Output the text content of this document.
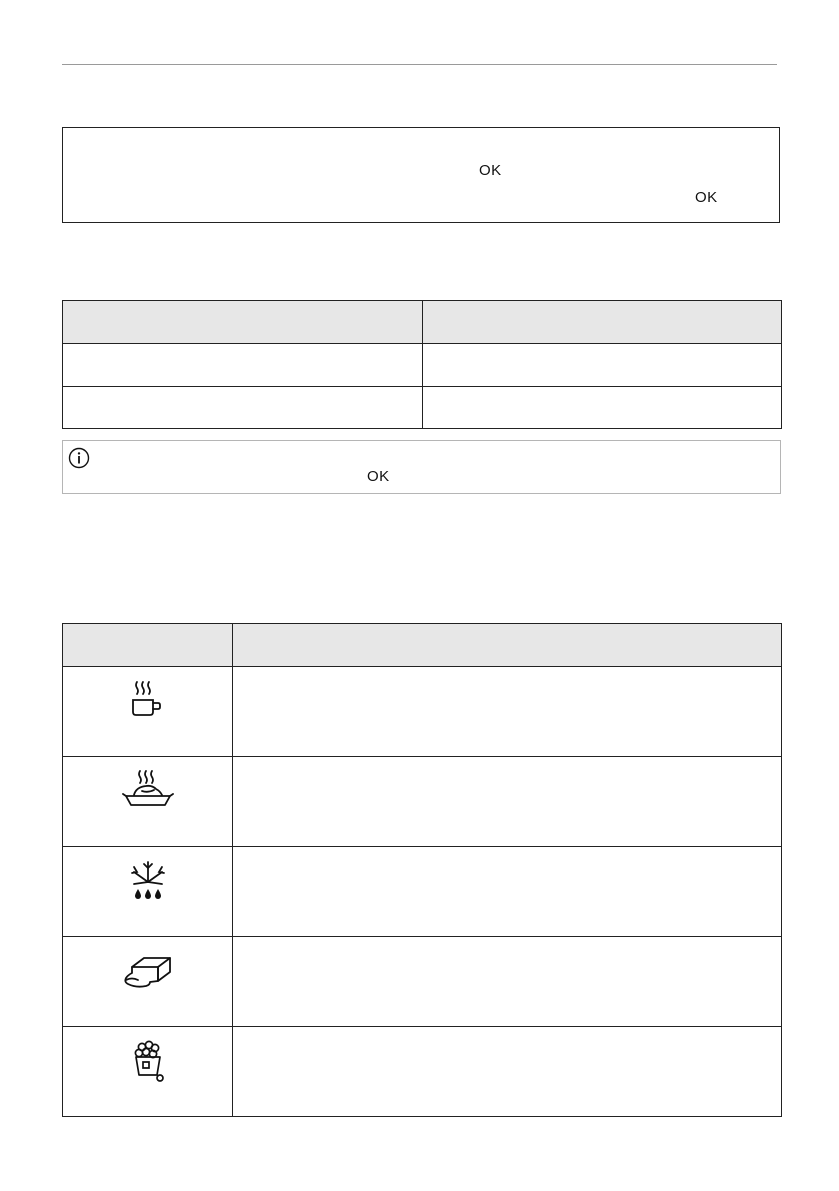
OK
OK

OK
